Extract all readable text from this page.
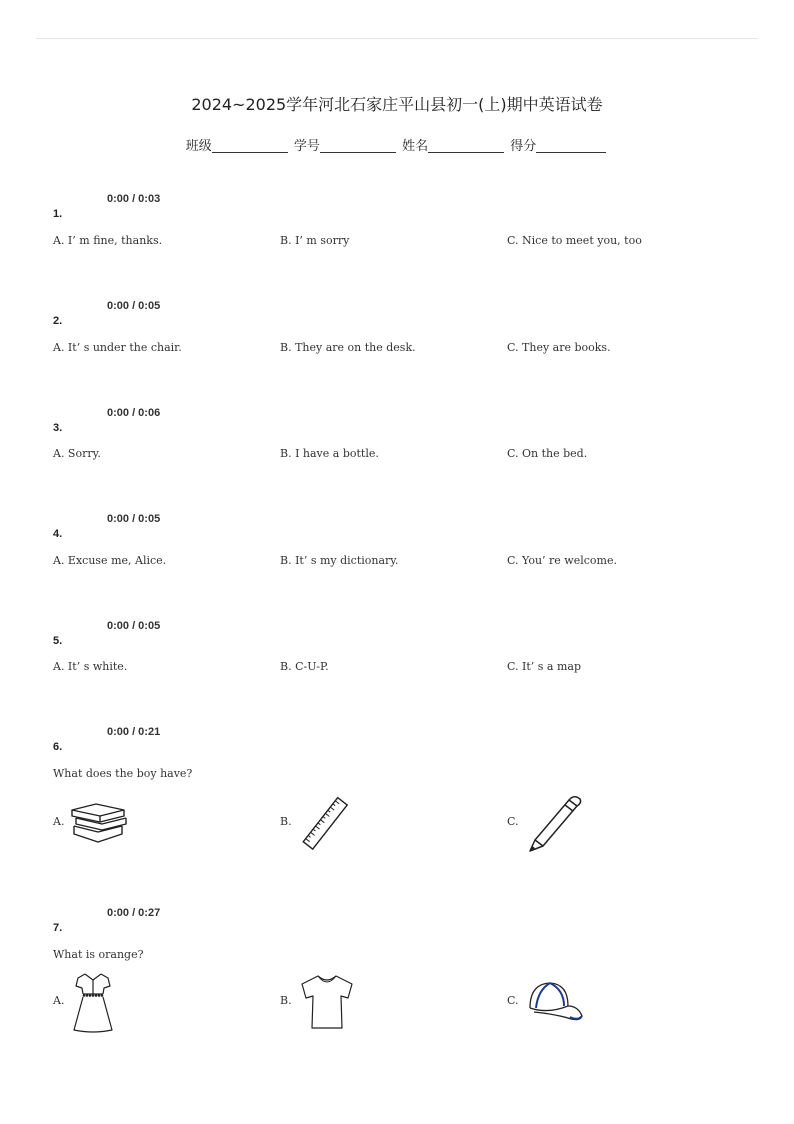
2024~2025学年河北石家庄平山县初一(上)期中英语试卷
班级	学号	姓名	得分
0:00 / 0:03
1.
A. I’ m fine, thanks.	B. I’ m sorry	C. Nice to meet you, too
0:00 / 0:05
2.
A. It’ s under the chair.	B. They are on the desk.	C. They are books.
0:00 / 0:06
3.
A. Sorry.	B. I have a bottle.	C. On the bed.
0:00 / 0:05
4.
A. Excuse me, Alice.	B. It’ s my dictionary.	C. You’ re welcome.
0:00 / 0:05
5.
A. It’ s white.	B. C-U-P.	C. It’ s a map
0:00 / 0:21
6.
What does the boy have?
A.	B.	C.
0:00 / 0:27
7.
What is orange?
A.	B.	C.
